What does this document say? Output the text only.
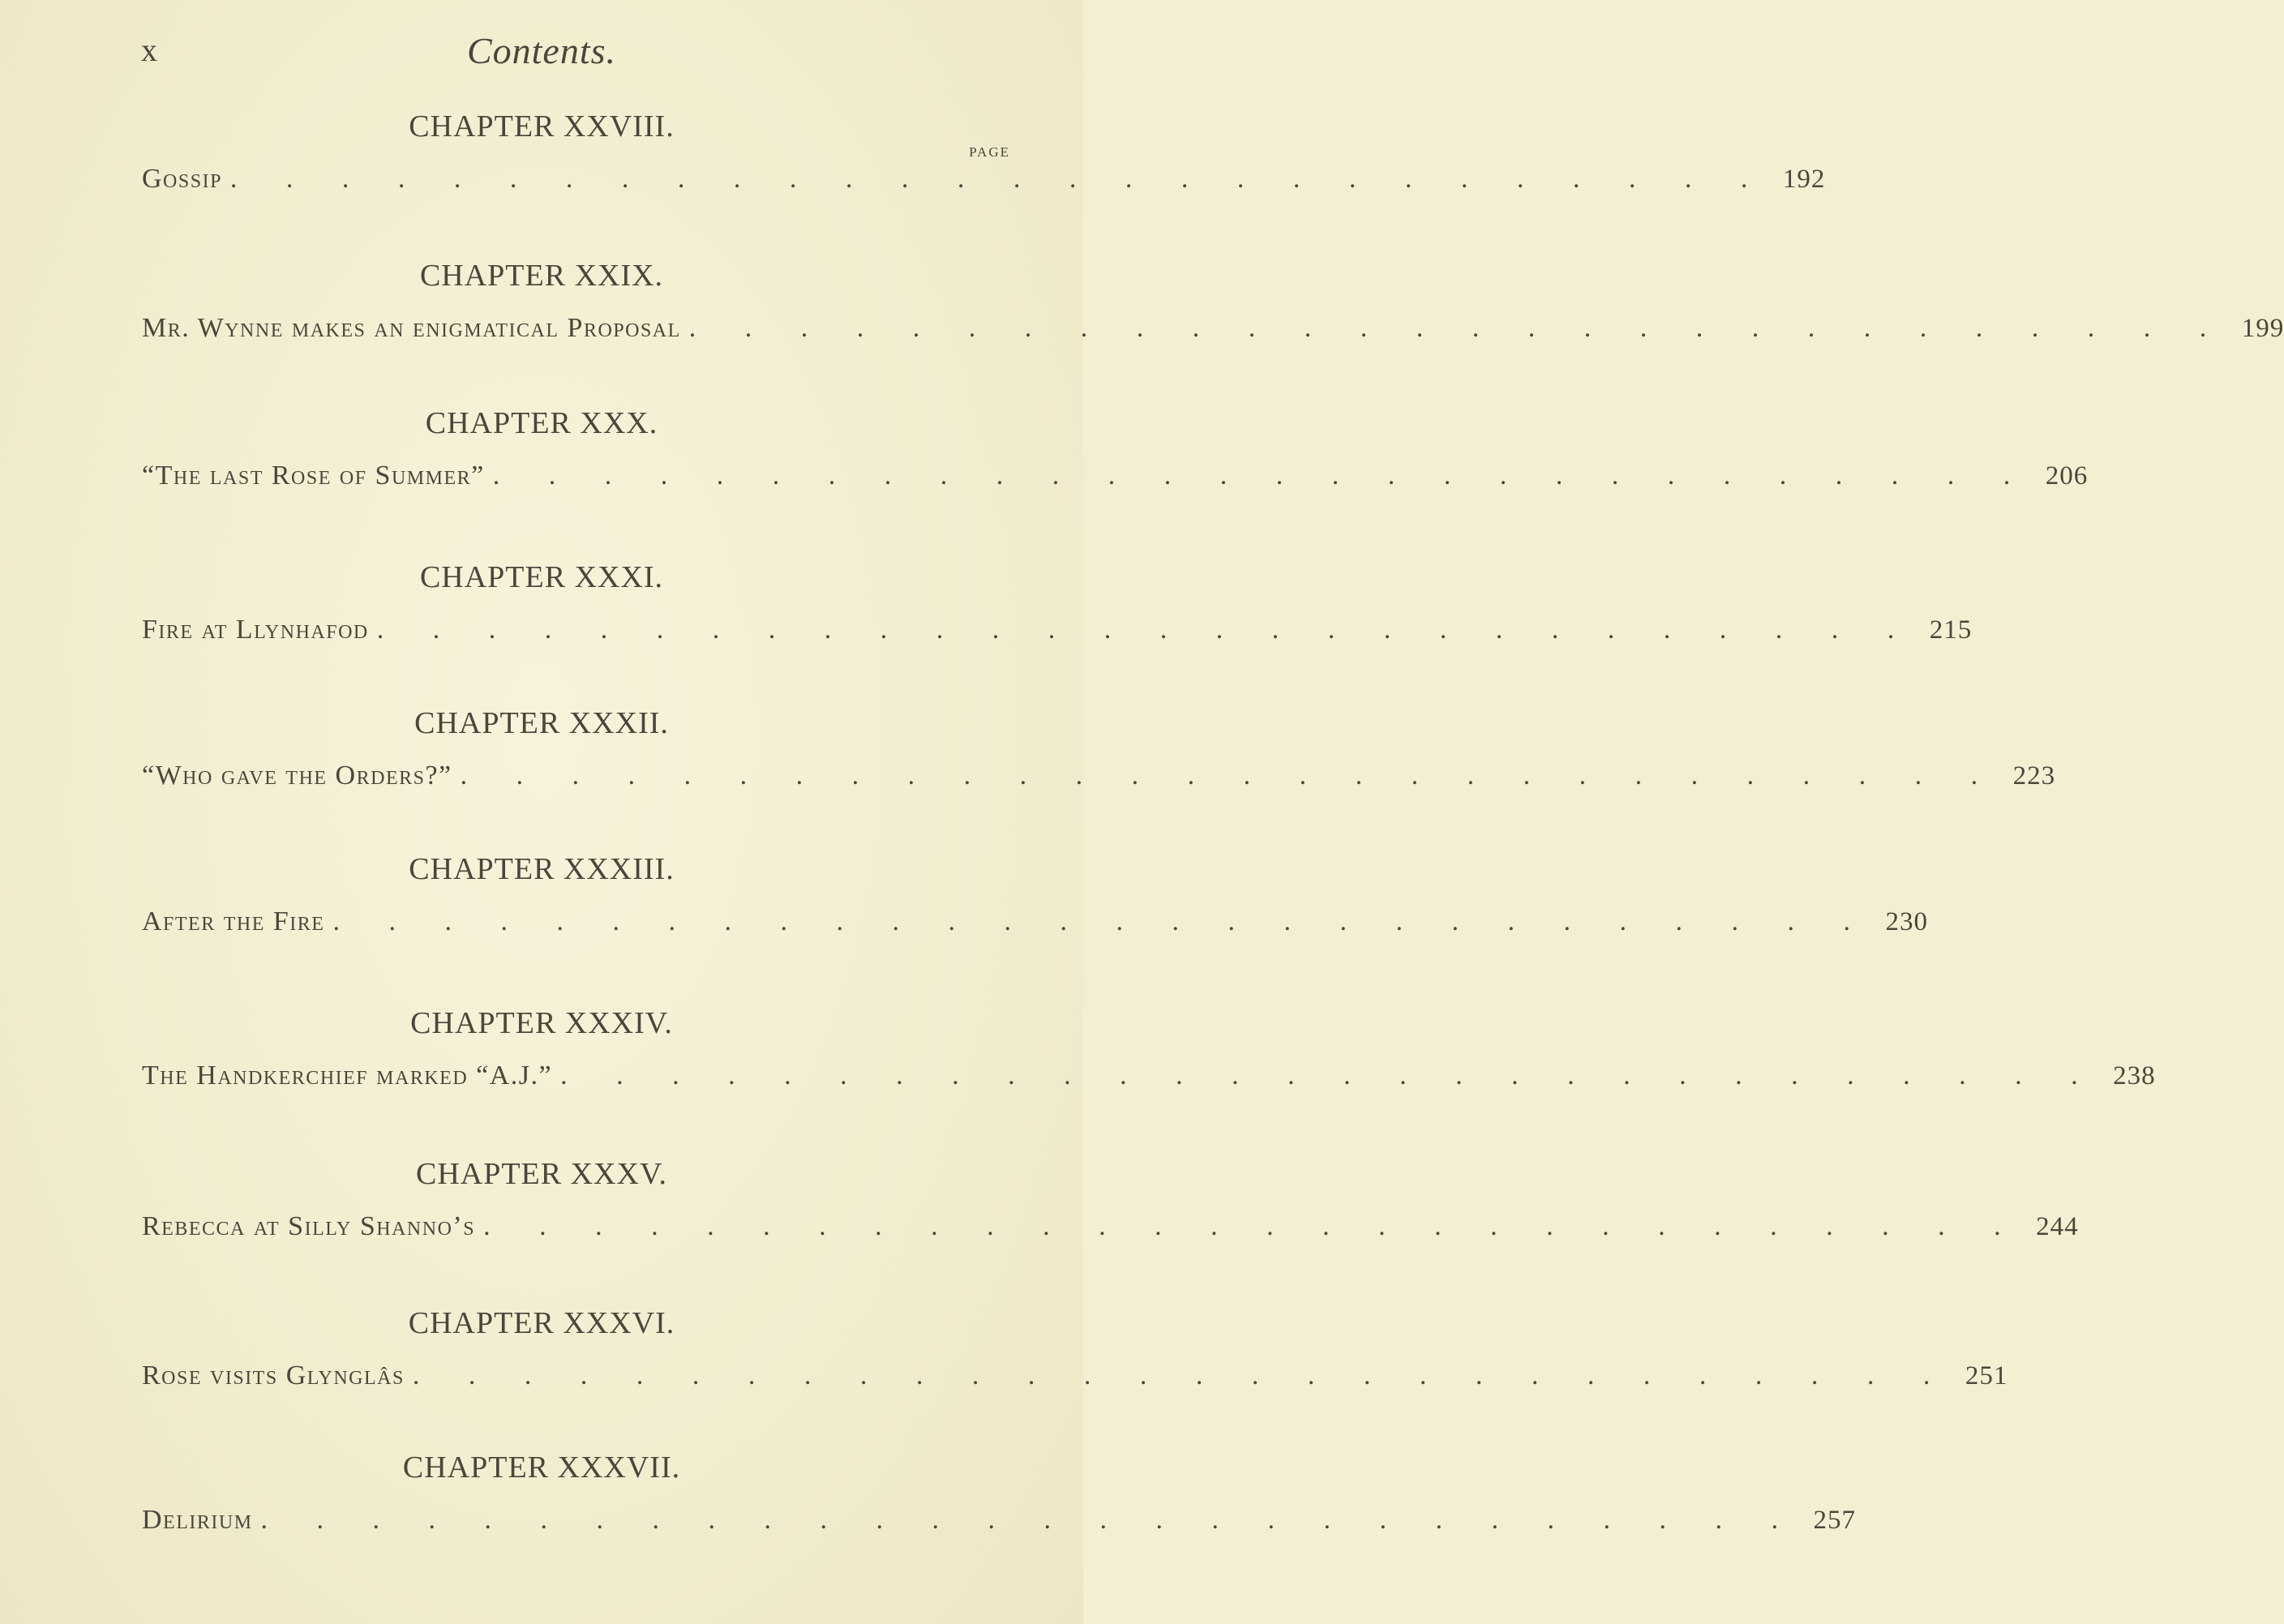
x	Contents.
PAGE
CHAPTER XXVIII.
Gossip . . . . . . . . . . . . . . . . . . . . . . . . . . . . 192
CHAPTER XXIX.
Mr. Wynne makes an enigmatical Proposal . . . . . . . . . . . . . . . . . . . . . . . . . . . . 199
CHAPTER XXX.
“The last Rose of Summer” . . . . . . . . . . . . . . . . . . . . . . . . . . . . 206
CHAPTER XXXI.
Fire at Llynhafod . . . . . . . . . . . . . . . . . . . . . . . . . . . . 215
CHAPTER XXXII.
“Who gave the Orders?” . . . . . . . . . . . . . . . . . . . . . . . . . . . . 223
CHAPTER XXXIII.
After the Fire . . . . . . . . . . . . . . . . . . . . . . . . . . . . 230
CHAPTER XXXIV.
The Handkerchief marked “A.J.” . . . . . . . . . . . . . . . . . . . . . . . . . . . . 238
CHAPTER XXXV.
Rebecca at Silly Shanno’s . . . . . . . . . . . . . . . . . . . . . . . . . . . . 244
CHAPTER XXXVI.
Rose visits Glynglâs . . . . . . . . . . . . . . . . . . . . . . . . . . . . 251
CHAPTER XXXVII.
Delirium . . . . . . . . . . . . . . . . . . . . . . . . . . . . 257
